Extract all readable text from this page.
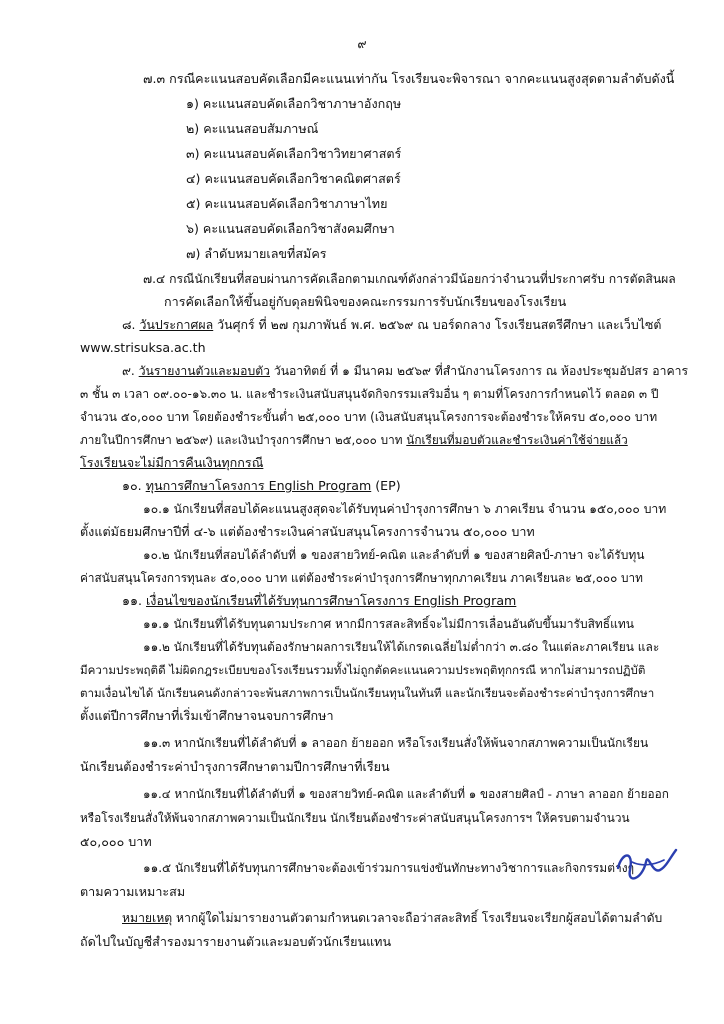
๙
๗.๓ กรณีคะแนนสอบคัดเลือกมีคะแนนเท่ากัน โรงเรียนจะพิจารณา จากคะแนนสูงสุดตามลำดับดังนี้
๑) คะแนนสอบคัดเลือกวิชาภาษาอังกฤษ
๒) คะแนนสอบสัมภาษณ์
๓) คะแนนสอบคัดเลือกวิชาวิทยาศาสตร์
๔) คะแนนสอบคัดเลือกวิชาคณิตศาสตร์
๕) คะแนนสอบคัดเลือกวิชาภาษาไทย
๖) คะแนนสอบคัดเลือกวิชาสังคมศึกษา
๗) ลำดับหมายเลขที่สมัคร
๗.๔ กรณีนักเรียนที่สอบผ่านการคัดเลือกตามเกณฑ์ดังกล่าวมีน้อยกว่าจำนวนที่ประกาศรับ การตัดสินผล
การคัดเลือกให้ขึ้นอยู่กับดุลยพินิจของคณะกรรมการรับนักเรียนของโรงเรียน
๘. วันประกาศผล วันศุกร์ ที่ ๒๗ กุมภาพันธ์ พ.ศ. ๒๕๖๙ ณ บอร์ดกลาง โรงเรียนสตรีศึกษา และเว็บไซต์
www.strisuksa.ac.th
๙. วันรายงานตัวและมอบตัว วันอาทิตย์ ที่ ๑ มีนาคม ๒๕๖๙ ที่สำนักงานโครงการ ณ ห้องประชุมอัปสร อาคาร
๓ ชั้น ๓ เวลา ๐๙.๐๐-๑๖.๓๐ น. และชำระเงินสนับสนุนจัดกิจกรรมเสริมอื่น ๆ ตามที่โครงการกำหนดไว้ ตลอด ๓ ปี
จำนวน ๕๐,๐๐๐ บาท โดยต้องชำระขั้นต่ำ ๒๕,๐๐๐ บาท (เงินสนับสนุนโครงการจะต้องชำระให้ครบ ๕๐,๐๐๐ บาท
ภายในปีการศึกษา ๒๕๖๙) และเงินบำรุงการศึกษา ๒๕,๐๐๐ บาท นักเรียนที่มอบตัวและชำระเงินค่าใช้จ่ายแล้ว
โรงเรียนจะไม่มีการคืนเงินทุกกรณี
๑๐. ทุนการศึกษาโครงการ English Program (EP)
๑๐.๑ นักเรียนที่สอบได้คะแนนสูงสุดจะได้รับทุนค่าบำรุงการศึกษา ๖ ภาคเรียน จำนวน ๑๕๐,๐๐๐ บาท
ตั้งแต่มัธยมศึกษาปีที่ ๔-๖ แต่ต้องชำระเงินค่าสนับสนุนโครงการจำนวน ๕๐,๐๐๐ บาท
๑๐.๒ นักเรียนที่สอบได้ลำดับที่ ๑ ของสายวิทย์-คณิต และลำดับที่ ๑ ของสายศิลป์-ภาษา จะได้รับทุน
ค่าสนับสนุนโครงการทุนละ ๕๐,๐๐๐ บาท แต่ต้องชำระค่าบำรุงการศึกษาทุกภาคเรียน ภาคเรียนละ ๒๕,๐๐๐ บาท
๑๑. เงื่อนไขของนักเรียนที่ได้รับทุนการศึกษาโครงการ English Program
๑๑.๑ นักเรียนที่ได้รับทุนตามประกาศ หากมีการสละสิทธิ์จะไม่มีการเลื่อนอันดับขึ้นมารับสิทธิ์แทน
๑๑.๒ นักเรียนที่ได้รับทุนต้องรักษาผลการเรียนให้ได้เกรดเฉลี่ยไม่ต่ำกว่า ๓.๘๐ ในแต่ละภาคเรียน และ
มีความประพฤติดี ไม่ผิดกฎระเบียบของโรงเรียนรวมทั้งไม่ถูกตัดคะแนนความประพฤติทุกกรณี หากไม่สามารถปฏิบัติ
ตามเงื่อนไขได้ นักเรียนคนดังกล่าวจะพ้นสภาพการเป็นนักเรียนทุนในทันที และนักเรียนจะต้องชำระค่าบำรุงการศึกษา
ตั้งแต่ปีการศึกษาที่เริ่มเข้าศึกษาจนจบการศึกษา
๑๑.๓ หากนักเรียนที่ได้ลำดับที่ ๑ ลาออก ย้ายออก หรือโรงเรียนสั่งให้พ้นจากสภาพความเป็นนักเรียน
นักเรียนต้องชำระค่าบำรุงการศึกษาตามปีการศึกษาที่เรียน
๑๑.๔ หากนักเรียนที่ได้ลำดับที่ ๑ ของสายวิทย์-คณิต และลำดับที่ ๑ ของสายศิลป์ - ภาษา ลาออก ย้ายออก
หรือโรงเรียนสั่งให้พ้นจากสภาพความเป็นนักเรียน นักเรียนต้องชำระค่าสนับสนุนโครงการฯ ให้ครบตามจำนวน
๕๐,๐๐๐ บาท
๑๑.๕ นักเรียนที่ได้รับทุนการศึกษาจะต้องเข้าร่วมการแข่งขันทักษะทางวิชาการและกิจกรรมต่างๆ
ตามความเหมาะสม
หมายเหตุ หากผู้ใดไม่มารายงานตัวตามกำหนดเวลาจะถือว่าสละสิทธิ์ โรงเรียนจะเรียกผู้สอบได้ตามลำดับ
ถัดไปในบัญชีสำรองมารายงานตัวและมอบตัวนักเรียนแทน
